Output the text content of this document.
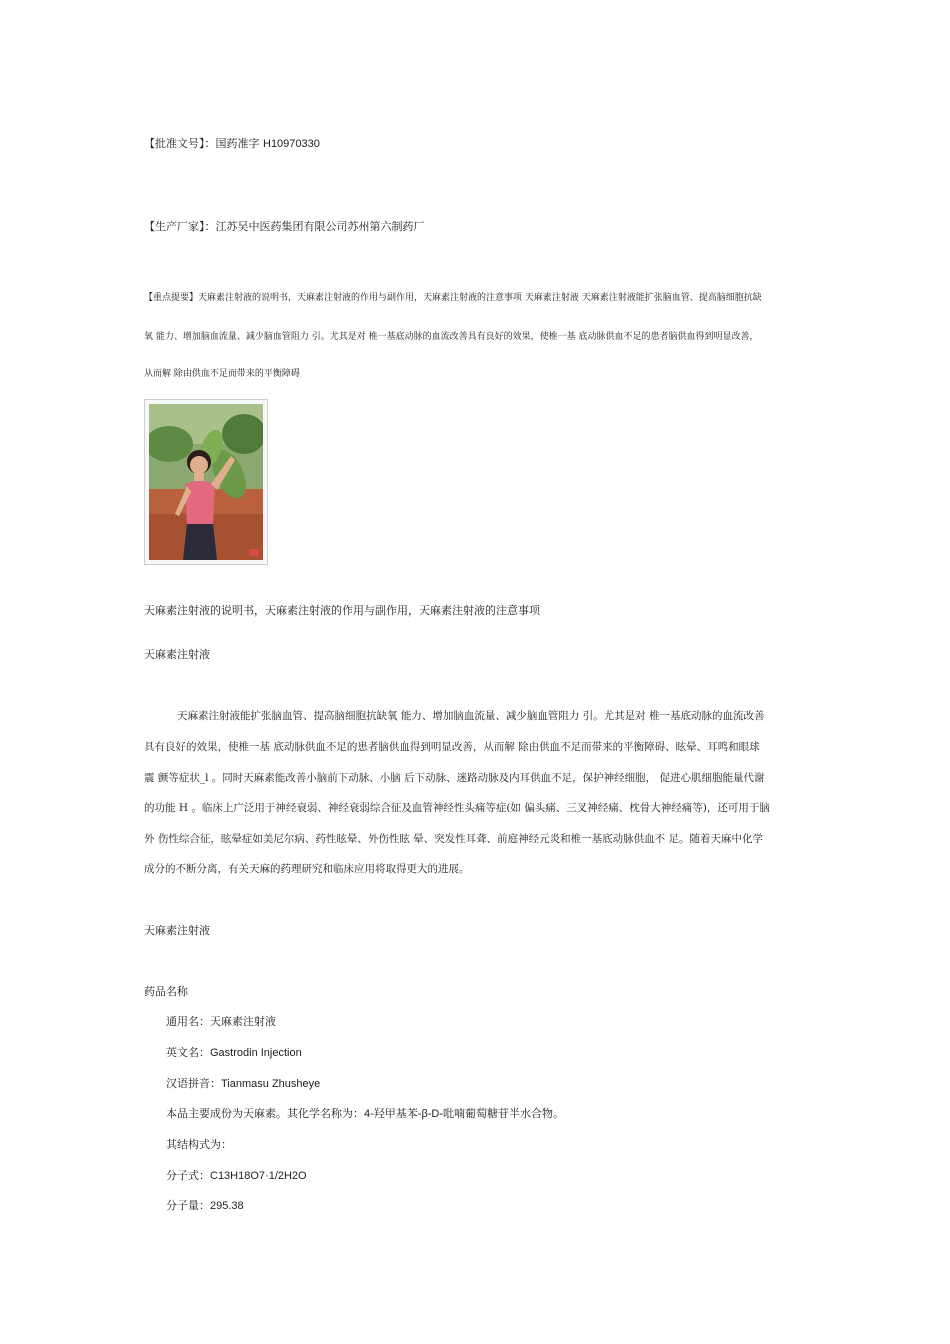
【批准文号】：国药准字 H10970330
【生产厂家】：江苏吴中医药集团有限公司苏州第六制药厂
【重点提要】天麻素注射液的说明书，天麻素注射液的作用与副作用，天麻素注射液的注意事项 天麻素注射液 天麻素注射液能扩张脑血管、提高脑细胞抗缺
氧 能力、增加脑血流量、减少脑血管阻力 引。尤其是对 椎一基底动脉的血流改善具有良好的效果，使椎一基 底动脉供血不足的患者脑供血得到明显改善，
从而解 除由供血不足而带来的平衡障碍
天麻素注射液的说明书，天麻素注射液的作用与副作用，天麻素注射液的注意事项
天麻素注射液
天麻素注射液能扩张脑血管、提高脑细胞抗缺氧 能力、增加脑血流量、减少脑血管阻力 引。尤其是对 椎一基底动脉的血流改善
具有良好的效果，使椎一基 底动脉供血不足的患者脑供血得到明显改善，从而解 除由供血不足而带来的平衡障碍、眩晕、耳鸣和眼球
震 颤等症状_l 。同时天麻素能改善小脑前下动脉、小脑 后下动脉、迷路动脉及内耳供血不足，保护神经细胞， 促进心肌细胞能量代谢
的功能 H 。临床上广泛用于神经衰弱、神经衰弱综合征及血管神经性头痛等症(如 偏头痛、三叉神经痛、枕骨大神经痛等)，还可用于脑
外 伤性综合征，眩晕症如美尼尔病、药性眩晕、外伤性眩 晕、突发性耳聋、前庭神经元炎和椎一基底动脉供血不 足。随着天麻中化学
成分的不断分离，有关天麻的药理研究和临床应用将取得更大的进展。
天麻素注射液
药品名称
通用名：天麻素注射液
英文名：Gastrodin Injection
汉语拼音：Tianmasu Zhusheye
本品主要成份为天麻素。其化学名称为：4-羟甲基苯-β-D-吡喃葡萄糖苷半水合物。
其结构式为：
分子式：C13H18O7·1/2H2O
分子量：295.38
